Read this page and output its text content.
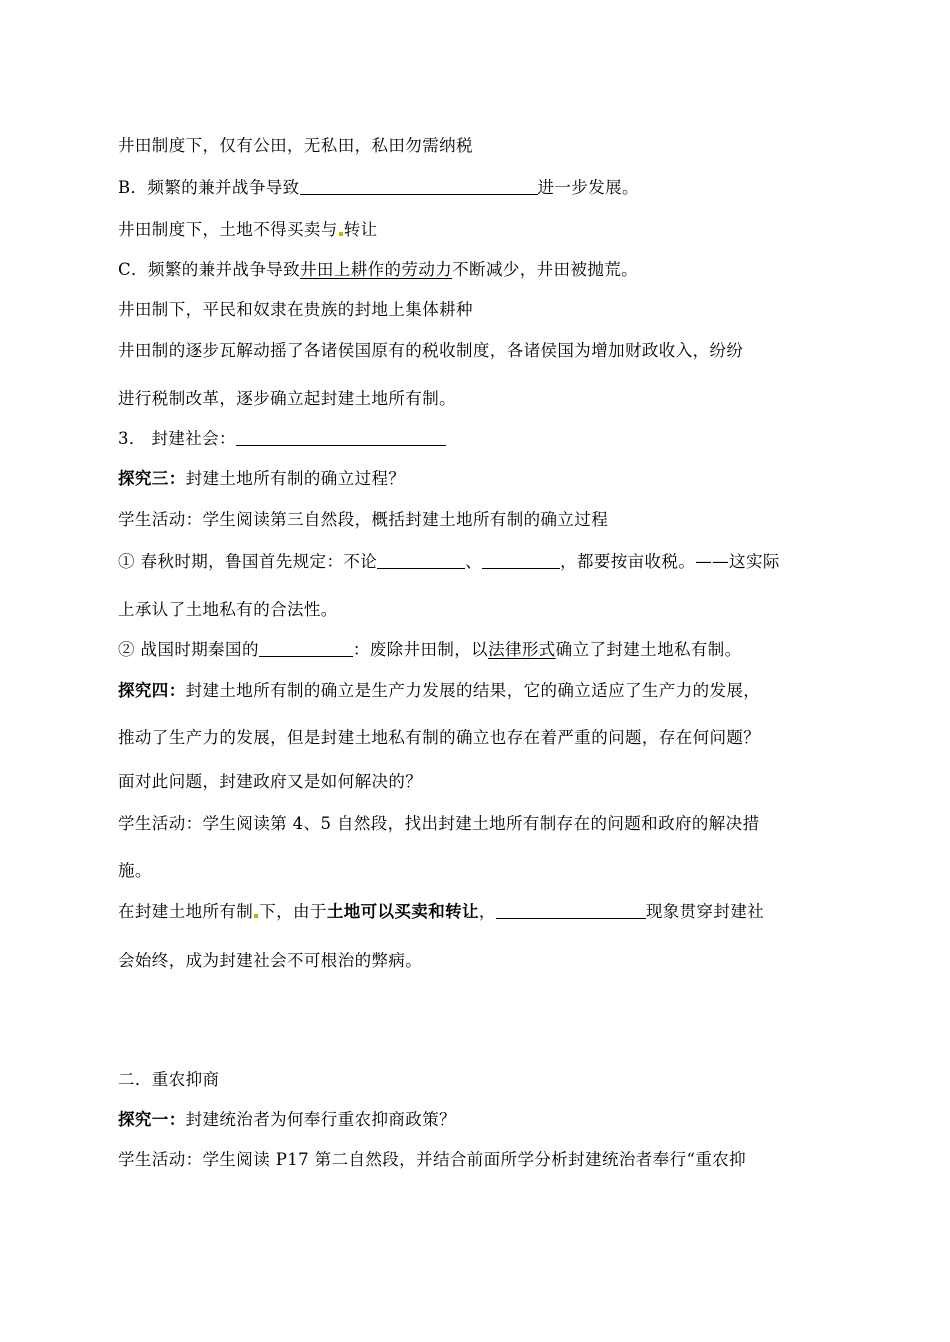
井田制度下，仅有公田，无私田，私田勿需纳税
B．频繁的兼并战争导致	进一步发展。
井田制度下，土地不得买卖与 转让
C．频繁的兼并战争导致井田上耕作的劳动力不断减少，井田被抛荒。
井田制下，平民和奴隶在贵族的封地上集体耕种
井田制的逐步瓦解动摇了各诸侯国原有的税收制度，各诸侯国为增加财政收入，纷纷
进行税制改革，逐步确立起封建土地所有制。
3． 封建社会：
探究三：封建土地所有制的确立过程？
学生活动：学生阅读第三自然段，概括封建土地所有制的确立过程
① 春秋时期，鲁国首先规定：不论	、	，都要按亩收税。——这实际
上承认了土地私有的合法性。
② 战国时期秦国的	：废除井田制，以法律形式确立了封建土地私有制。
探究四：封建土地所有制的确立是生产力发展的结果，它的确立适应了生产力的发展，
推动了生产力的发展，但是封建土地私有制的确立也存在着严重的问题，存在何问题？
面对此问题，封建政府又是如何解决的？
学生活动：学生阅读第 4、5 自然段，找出封建土地所有制存在的问题和政府的解决措
施。
在封建土地所有制 下，由于土地可以买卖和转让，	现象贯穿封建社
会始终，成为封建社会不可根治的弊病。
二．重农抑商
探究一：封建统治者为何奉行重农抑商政策？
学生活动：学生阅读 P17 第二自然段，并结合前面所学分析封建统治者奉行“重农抑
